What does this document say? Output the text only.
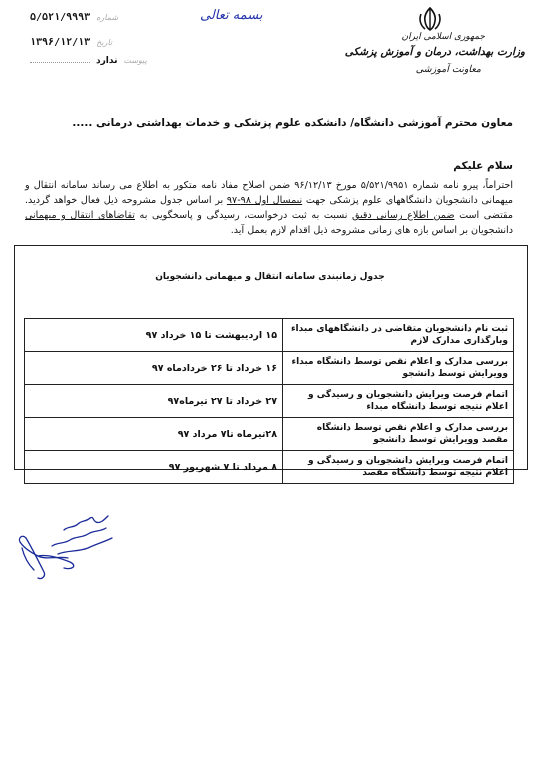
بسمه تعالی
جمهوری اسلامی ایران
وزارت بهداشت، درمان و آموزش پزشکی
معاونت آموزشی
۵/۵۲۱/۹۹۹۳ شماره
۱۳۹۶/۱۲/۱۳ تاریخ
ندارد پیوست
معاون محترم آموزشی دانشگاه/ دانشکده علوم پزشکی و خدمات بهداشتی درمانی .....
سلام علیکم
احتراماً، پیرو نامه شماره ۵/۵۲۱/۹۹۵۱ مورخ ۹۶/۱۲/۱۳ ضمن اصلاح مفاد نامه متکور به اطلاع می رساند سامانه انتقال و میهمانی دانشجویان دانشگاههای علوم پزشکی جهت نیمسال اول ۹۸-۹۷ بر اساس جدول مشروحه ذیل فعال خواهد گردید. مقتضی است ضمن اطلاع رسانی دقیق نسبت به ثبت درخواست، رسیدگی و پاسخگویی به تقاضاهای انتقال و میهمانی دانشجویان بر اساس بازه های زمانی مشروحه ذیل اقدام لازم بعمل آید.
جدول زمانبندی سامانه انتقال و میهمانی دانشجویان
ثبت نام دانشجویان متقاضی در دانشگاههای مبداء وبارگذاری مدارک لازم	۱۵ اردیبهشت تا ۱۵ خرداد ۹۷
بررسی مدارک و اعلام نقص توسط دانشگاه مبداء وویرایش توسط دانشجو	۱۶ خرداد تا ۲۶ خردادماه ۹۷
اتمام فرصت ویرایش دانشجویان و رسیدگی و اعلام نتیجه توسط دانشگاه مبداء	۲۷ خرداد تا ۲۷ تیرماه۹۷
بررسی مدارک و اعلام نقص توسط دانشگاه مقصد وویرایش توسط دانشجو	۲۸تیرماه تا۷ مرداد ۹۷
اتمام فرصت ویرایش دانشجویان و رسیدگی و اعلام نتیجه توسط دانشگاه مقصد	۸ مرداد تا ۷ شهریور ۹۷
